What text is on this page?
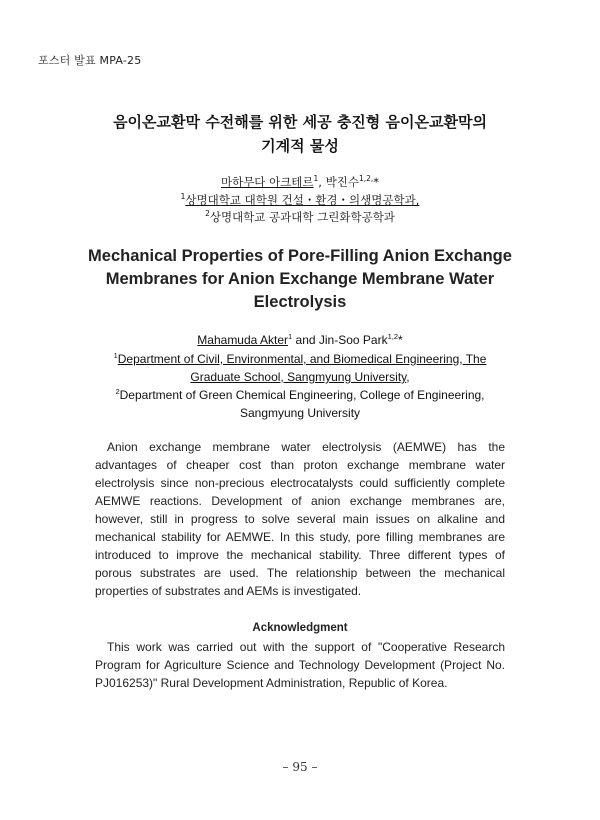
포스터 발표 MPA-25
음이온교환막 수전해를 위한 세공 충진형 음이온교환막의
기계적 물성
마하무다 아크테르$^1$, 박진수$^{1,2,}$*
$^1$상명대학교 대학원 건설・환경・의생명공학과,
$^2$상명대학교 공과대학 그린화학공학과
Mechanical Properties of Pore-Filling Anion Exchange
Membranes for Anion Exchange Membrane Water
Electrolysis
Mahamuda Akter$^1$ and Jin-Soo Park$^{1,2}$*
$^1$Department of Civil, Environmental, and Biomedical Engineering, The
Graduate School, Sangmyung University,
$^2$Department of Green Chemical Engineering, College of Engineering,
Sangmyung University

Anion exchange membrane water electrolysis (AEMWE) has the advantages of cheaper cost than proton exchange membrane water electrolysis since non-precious electrocatalysts could sufficiently complete AEMWE reactions. Development of anion exchange membranes are, however, still in progress to solve several main issues on alkaline and mechanical stability for AEMWE. In this study, pore filling membranes are introduced to improve the mechanical stability. Three different types of porous substrates are used. The relationship between the mechanical properties of substrates and AEMs is investigated.

Acknowledgment

This work was carried out with the support of "Cooperative Research Program for Agriculture Science and Technology Development (Project No. PJ016253)" Rural Development Administration, Republic of Korea.

– 95 –
